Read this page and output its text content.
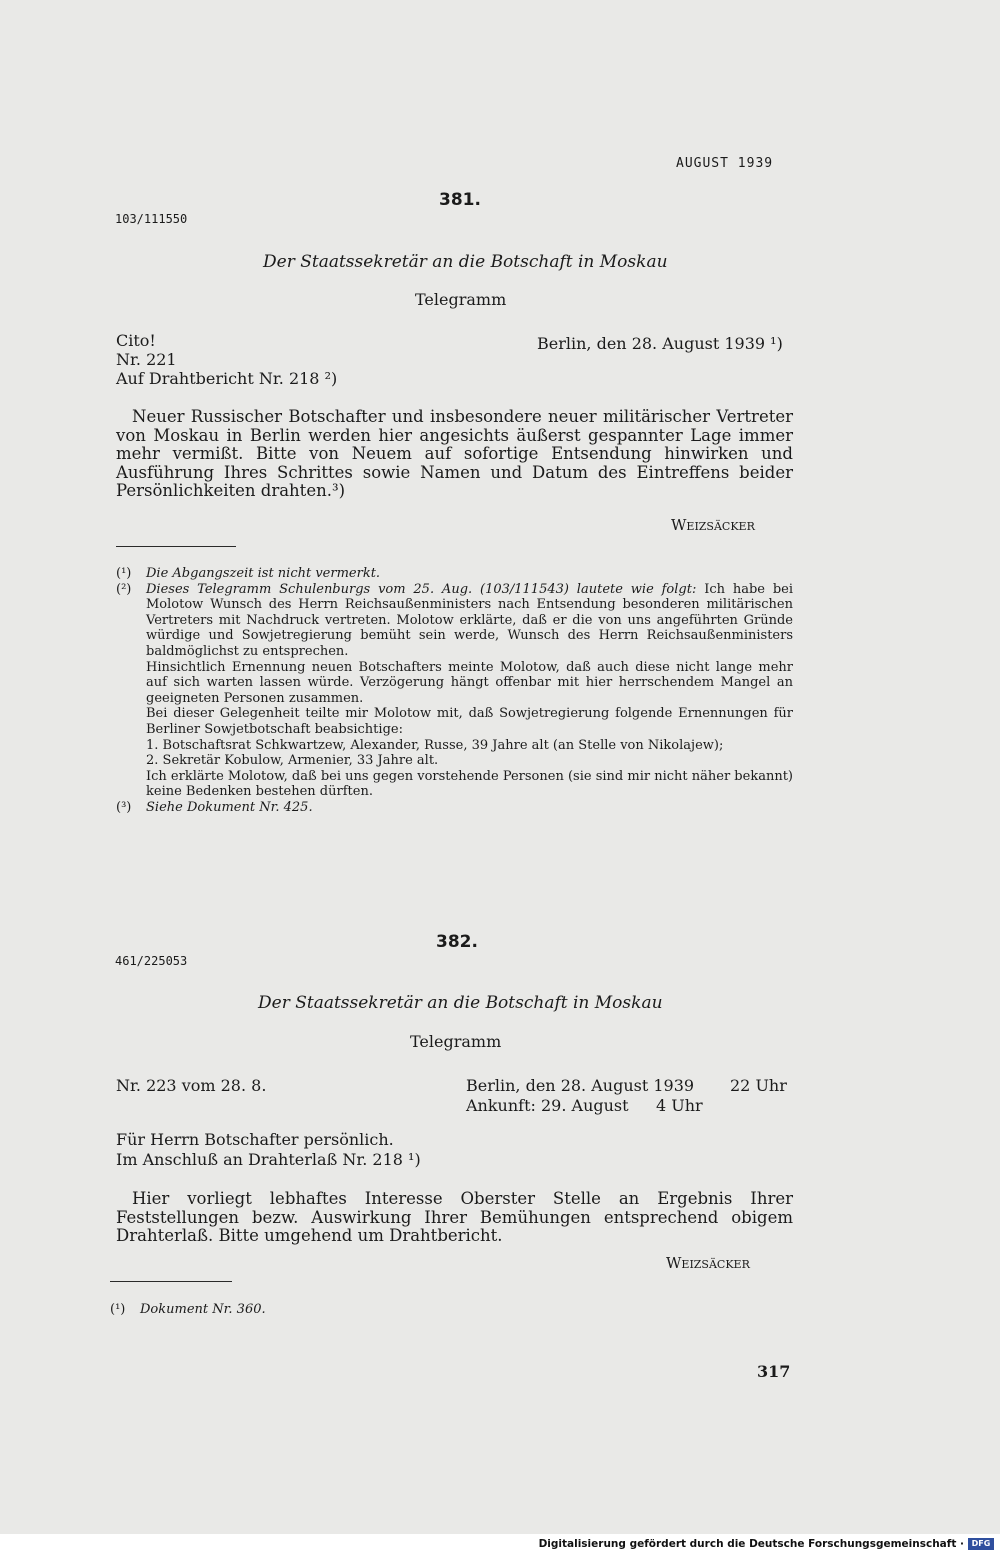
AUGUST 1939
381.
103/111550
Der Staatssekretär an die Botschaft in Moskau
Telegramm
Cito!
Nr. 221
Auf Drahtbericht Nr. 218 ²)
Berlin, den 28. August 1939 ¹)
Neuer Russischer Botschafter und insbesondere neuer militärischer Vertreter von Moskau in Berlin werden hier angesichts äußerst gespannter Lage immer mehr vermißt. Bitte von Neuem auf sofortige Entsendung hinwirken und Ausführung Ihres Schrittes sowie Namen und Datum des Eintreffens beider Persönlichkeiten drahten.³)
Weizsäcker
(¹) Die Abgangszeit ist nicht vermerkt.
(²) Dieses Telegramm Schulenburgs vom 25. Aug. (103/111543) lautete wie folgt: Ich habe bei Molotow Wunsch des Herrn Reichsaußenministers nach Entsendung besonderen militärischen Vertreters mit Nachdruck vertreten. Molotow erklärte, daß er die von uns angeführten Gründe würdige und Sowjetregierung bemüht sein werde, Wunsch des Herrn Reichsaußenministers baldmöglichst zu entsprechen.
Hinsichtlich Ernennung neuen Botschafters meinte Molotow, daß auch diese nicht lange mehr auf sich warten lassen würde. Verzögerung hängt offenbar mit hier herrschendem Mangel an geeigneten Personen zusammen.
Bei dieser Gelegenheit teilte mir Molotow mit, daß Sowjetregierung folgende Ernennungen für Berliner Sowjetbotschaft beabsichtige:
1. Botschaftsrat Schkwartzew, Alexander, Russe, 39 Jahre alt (an Stelle von Nikolajew);
2. Sekretär Kobulow, Armenier, 33 Jahre alt.
Ich erklärte Molotow, daß bei uns gegen vorstehende Personen (sie sind mir nicht näher bekannt) keine Bedenken bestehen dürften.
(³) Siehe Dokument Nr. 425.
382.
461/225053
Der Staatssekretär an die Botschaft in Moskau
Telegramm
Nr. 223 vom 28. 8.	Berlin, den 28. August 1939 22 Uhr
Ankunft: 29. August 4 Uhr
Für Herrn Botschafter persönlich.
Im Anschluß an Drahterlaß Nr. 218 ¹)
Hier vorliegt lebhaftes Interesse Oberster Stelle an Ergebnis Ihrer Feststellungen bezw. Auswirkung Ihrer Bemühungen entsprechend obigem Drahterlaß. Bitte umgehend um Drahtbericht.
Weizsäcker
(¹) Dokument Nr. 360.
317
Digitalisierung gefördert durch die Deutsche Forschungsgemeinschaft · DFG
